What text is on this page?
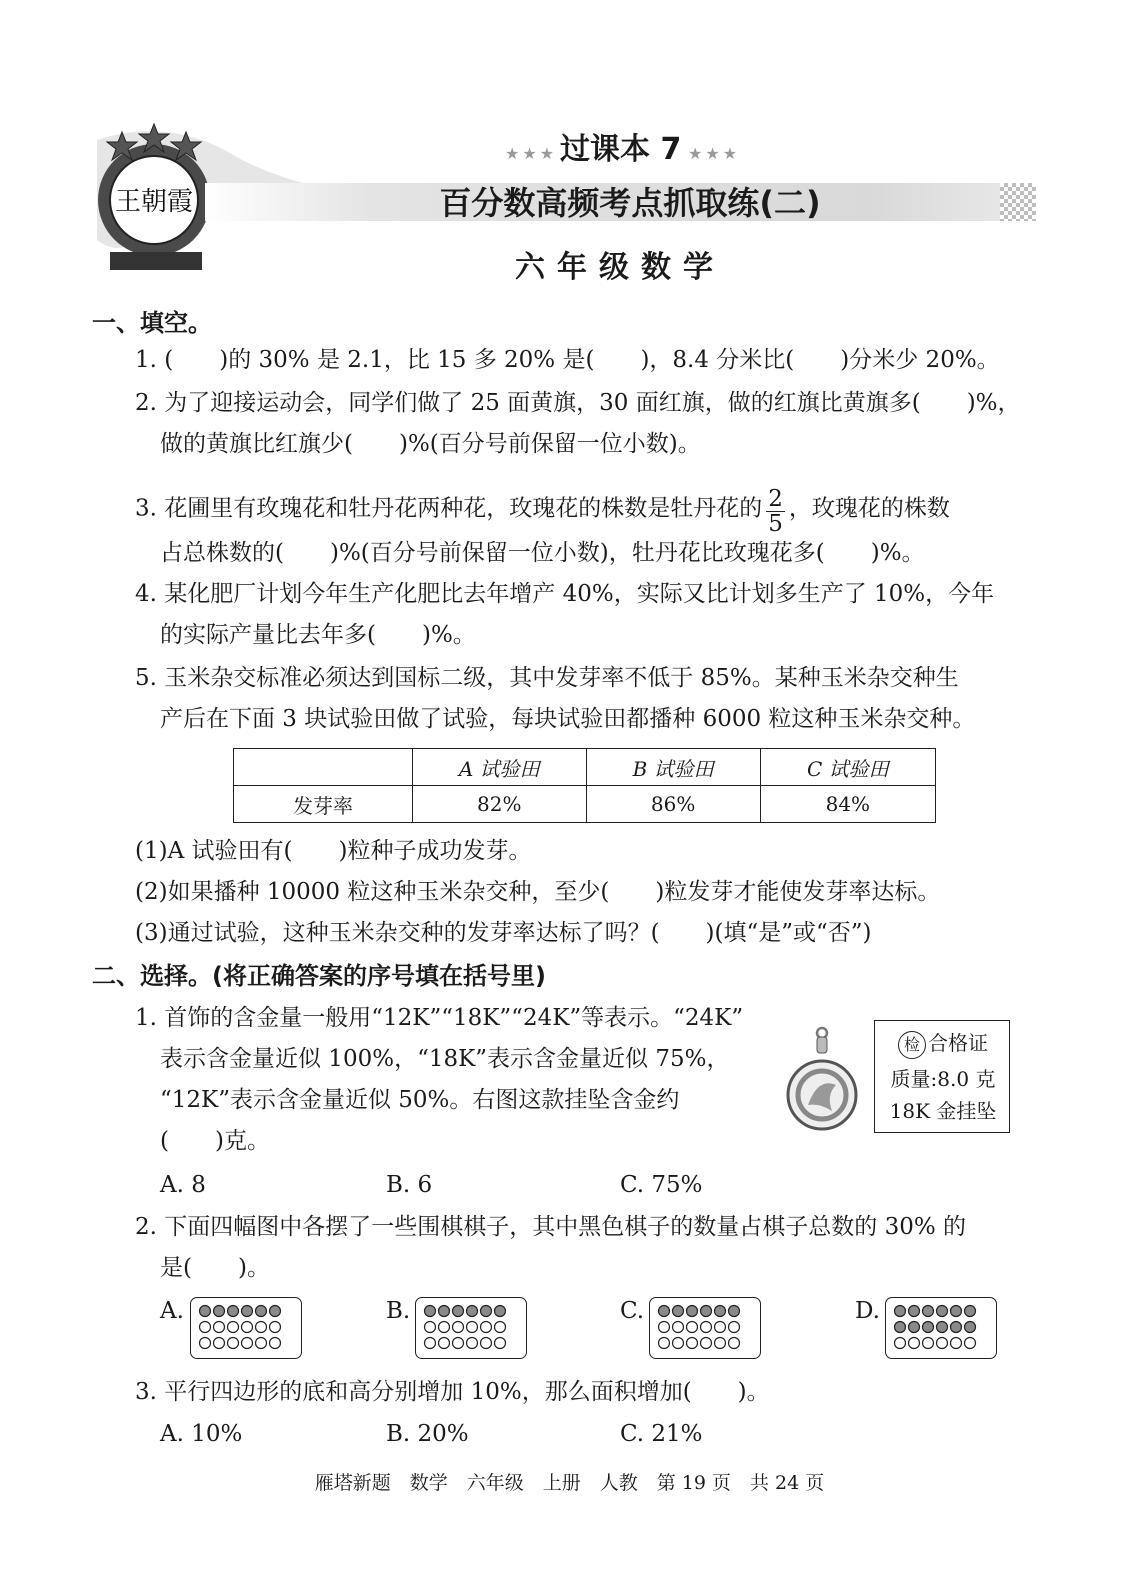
王朝霞
★★★ 过课本 7 ★★★
百分数高频考点抓取练(二)
六年级数学
一、填空。
1. (　　)的 30% 是 2.1，比 15 多 20% 是(　　)，8.4 分米比(　　)分米少 20%。
2. 为了迎接运动会，同学们做了 25 面黄旗，30 面红旗，做的红旗比黄旗多(　　)%，
做的黄旗比红旗少(　　)%(百分号前保留一位小数)。
3. 花圃里有玫瑰花和牡丹花两种花，玫瑰花的株数是牡丹花的 $\frac{2}{5}$ ，玫瑰花的株数
占总株数的(　　)%(百分号前保留一位小数)，牡丹花比玫瑰花多(　　)%。
4. 某化肥厂计划今年生产化肥比去年增产 40%，实际又比计划多生产了 10%，今年
的实际产量比去年多(　　)%。
5. 玉米杂交标准必须达到国标二级，其中发芽率不低于 85%。某种玉米杂交种生
产后在下面 3 块试验田做了试验，每块试验田都播种 6000 粒这种玉米杂交种。
	A 试验田	B 试验田	C 试验田
发芽率	82%	86%	84%
(1)A 试验田有(　　)粒种子成功发芽。
(2)如果播种 10000 粒这种玉米杂交种，至少(　　)粒发芽才能使发芽率达标。
(3)通过试验，这种玉米杂交种的发芽率达标了吗？(　　)(填“是”或“否”)
二、选择。(将正确答案的序号填在括号里)
1. 首饰的含金量一般用“12K”“18K”“24K”等表示。“24K”
表示含金量近似 100%，“18K”表示含金量近似 75%，
“12K”表示含金量近似 50%。右图这款挂坠含金约
(　　)克。
检 合格证
质量:8.0 克
18K 金挂坠
A. 8	B. 6	C. 75%
2. 下面四幅图中各摆了一些围棋棋子，其中黑色棋子的数量占棋子总数的 30% 的
是(　　)。
A.	B.	C.	D.
3. 平行四边形的底和高分别增加 10%，那么面积增加(　　)。
A. 10%	B. 20%	C. 21%
雁塔新题　数学　六年级　上册　人教　第 19 页　共 24 页
